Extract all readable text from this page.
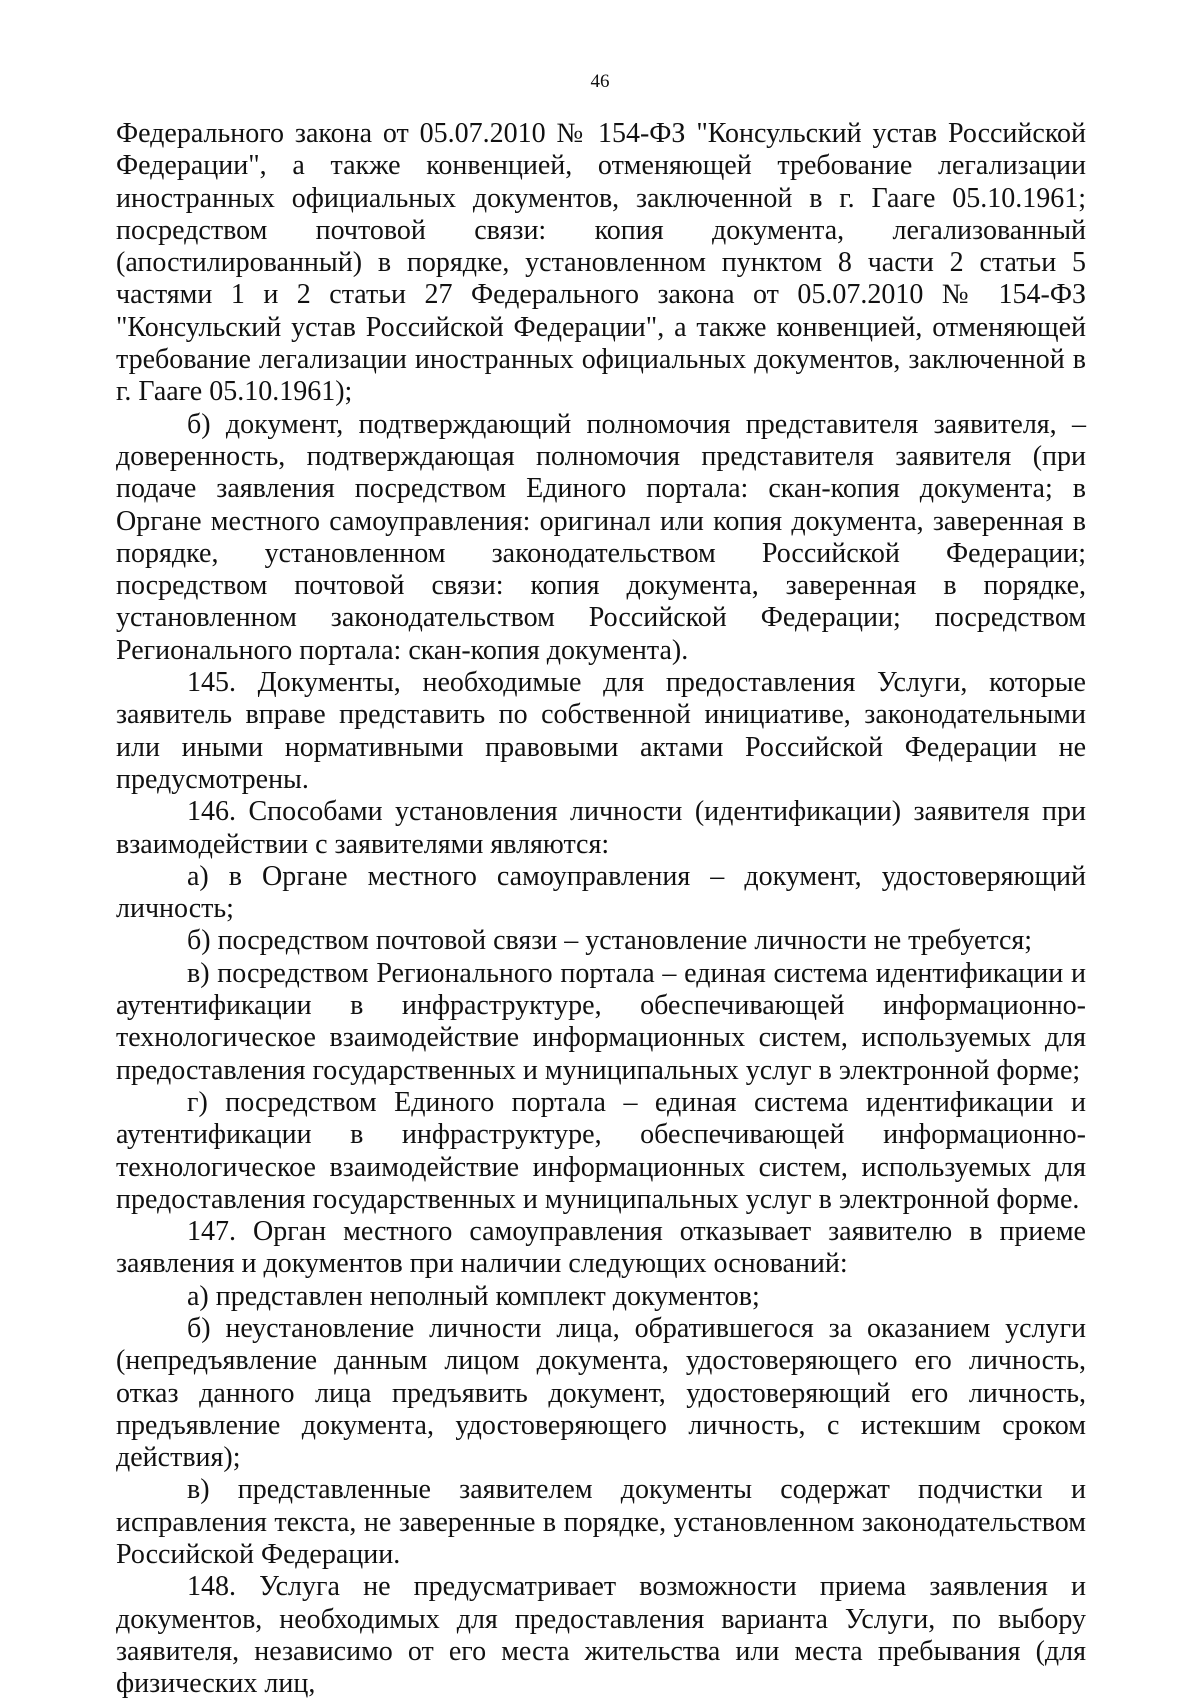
46

Федерального закона от 05.07.2010 № 154-ФЗ "Консульский устав Российской Федерации", а также конвенцией, отменяющей требование легализации иностранных официальных документов, заключенной в г. Гааге 05.10.1961; посредством почтовой связи: копия документа, легализованный (апостилированный) в порядке, установленном пунктом 8 части 2 статьи 5 частями 1 и 2 статьи 27 Федерального закона от 05.07.2010 № 154-ФЗ "Консульский устав Российской Федерации", а также конвенцией, отменяющей требование легализации иностранных официальных документов, заключенной в г. Гааге 05.10.1961);

б) документ, подтверждающий полномочия представителя заявителя, – доверенность, подтверждающая полномочия представителя заявителя (при подаче заявления посредством Единого портала: скан-копия документа; в Органе местного самоуправления: оригинал или копия документа, заверенная в порядке, установленном законодательством Российской Федерации; посредством почтовой связи: копия документа, заверенная в порядке, установленном законодательством Российской Федерации; посредством Регионального портала: скан-копия документа).

145. Документы, необходимые для предоставления Услуги, которые заявитель вправе представить по собственной инициативе, законодательными или иными нормативными правовыми актами Российской Федерации не предусмотрены.

146. Способами установления личности (идентификации) заявителя при взаимодействии с заявителями являются:

а) в Органе местного самоуправления – документ, удостоверяющий личность;

б) посредством почтовой связи – установление личности не требуется;

в) посредством Регионального портала – единая система идентификации и аутентификации в инфраструктуре, обеспечивающей информационно-технологическое взаимодействие информационных систем, используемых для предоставления государственных и муниципальных услуг в электронной форме;

г) посредством Единого портала – единая система идентификации и аутентификации в инфраструктуре, обеспечивающей информационно-технологическое взаимодействие информационных систем, используемых для предоставления государственных и муниципальных услуг в электронной форме.

147. Орган местного самоуправления отказывает заявителю в приеме заявления и документов при наличии следующих оснований:

а) представлен неполный комплект документов;

б) неустановление личности лица, обратившегося за оказанием услуги (непредъявление данным лицом документа, удостоверяющего его личность, отказ данного лица предъявить документ, удостоверяющий его личность, предъявление документа, удостоверяющего личность, с истекшим сроком действия);

в) представленные заявителем документы содержат подчистки и исправления текста, не заверенные в порядке, установленном законодательством Российской Федерации.

148. Услуга не предусматривает возможности приема заявления и документов, необходимых для предоставления варианта Услуги, по выбору заявителя, независимо от его места жительства или места пребывания (для физических лиц,
